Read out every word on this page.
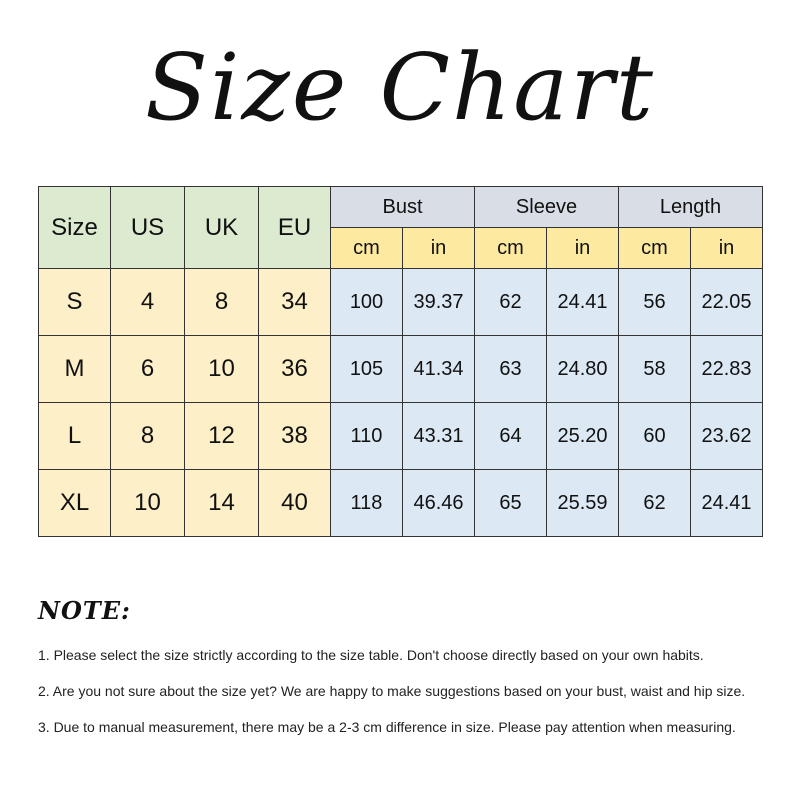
Size Chart
Size	US	UK	EU	Bust		Sleeve		Length	
				cm	in	cm	in	cm	in
S	4	8	34	100	39.37	62	24.41	56	22.05
M	6	10	36	105	41.34	63	24.80	58	22.83
L	8	12	38	110	43.31	64	25.20	60	23.62
XL	10	14	40	118	46.46	65	25.59	62	24.41
NOTE:
1. Please select the size strictly according to the size table. Don't choose directly based on your own habits.
2. Are you not sure about the size yet? We are happy to make suggestions based on your bust, waist and hip size.
3. Due to manual measurement, there may be a 2-3 cm difference in size. Please pay attention when measuring.
